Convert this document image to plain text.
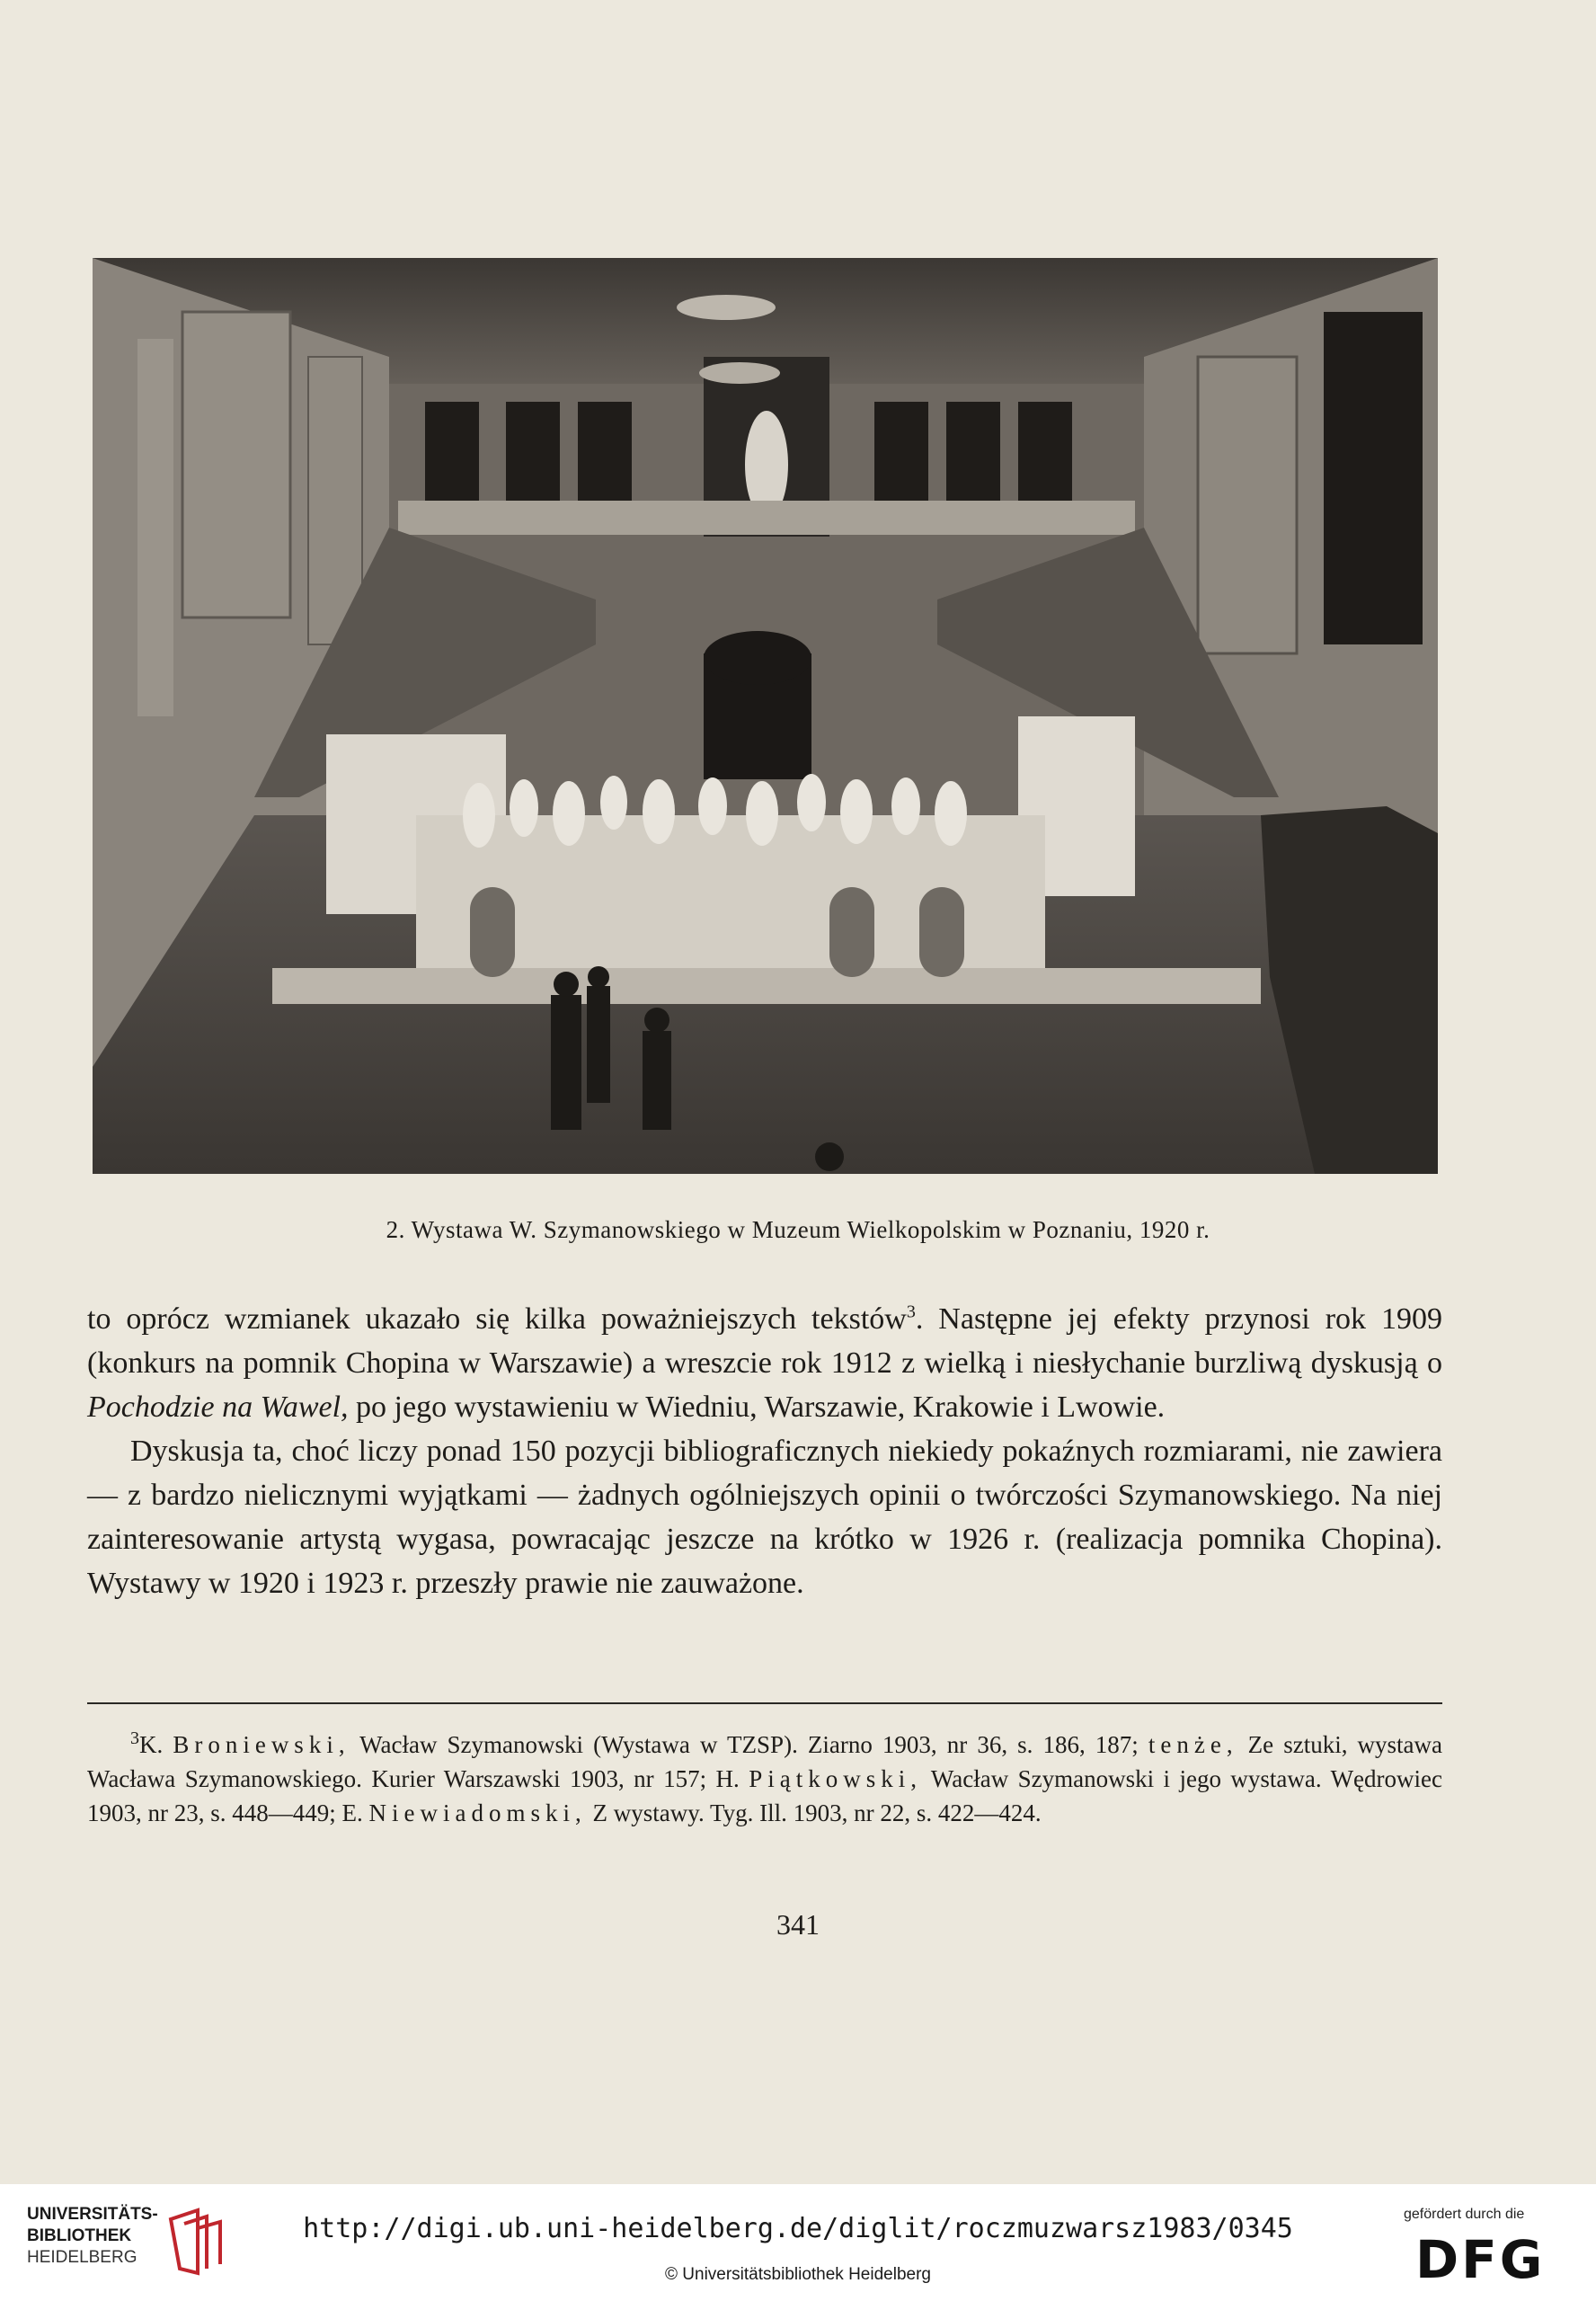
2. Wystawa W. Szymanowskiego w Muzeum Wielkopolskim w Poznaniu, 1920 r.

to oprócz wzmianek ukazało się kilka poważniejszych tekstów$^3$. Następne jej efekty przynosi rok 1909 (konkurs na pomnik Chopina w Warszawie) a wreszcie rok 1912 z wielką i niesłychanie burzliwą dyskusją o Pochodzie na Wawel, po jego wystawieniu w Wiedniu, Warszawie, Krakowie i Lwowie.

Dyskusja ta, choć liczy ponad 150 pozycji bibliograficznych niekiedy pokaźnych rozmiarami, nie zawiera — z bardzo nielicznymi wyjątkami — żadnych ogólniejszych opinii o twórczości Szymanowskiego. Na niej zainteresowanie artystą wygasa, powracając jeszcze na krótko w 1926 r. (realizacja pomnika Chopina). Wystawy w 1920 i 1923 r. przeszły prawie nie zauważone.

$^3$K. Broniewski, Wacław Szymanowski (Wystawa w TZSP). Ziarno 1903, nr 36, s. 186, 187; tenże, Ze sztuki, wystawa Wacława Szymanowskiego. Kurier Warszawski 1903, nr 157; H. Piątkowski, Wacław Szymanowski i jego wystawa. Wędrowiec 1903, nr 23, s. 448—449; E. Niewiadomski, Z wystawy. Tyg. Ill. 1903, nr 22, s. 422—424.
341
UNIVERSITÄTS-
BIBLIOTHEK
HEIDELBERG
http://digi.ub.uni-heidelberg.de/diglit/roczmuzwarsz1983/0345
© Universitätsbibliothek Heidelberg
gefördert durch die
DFG
